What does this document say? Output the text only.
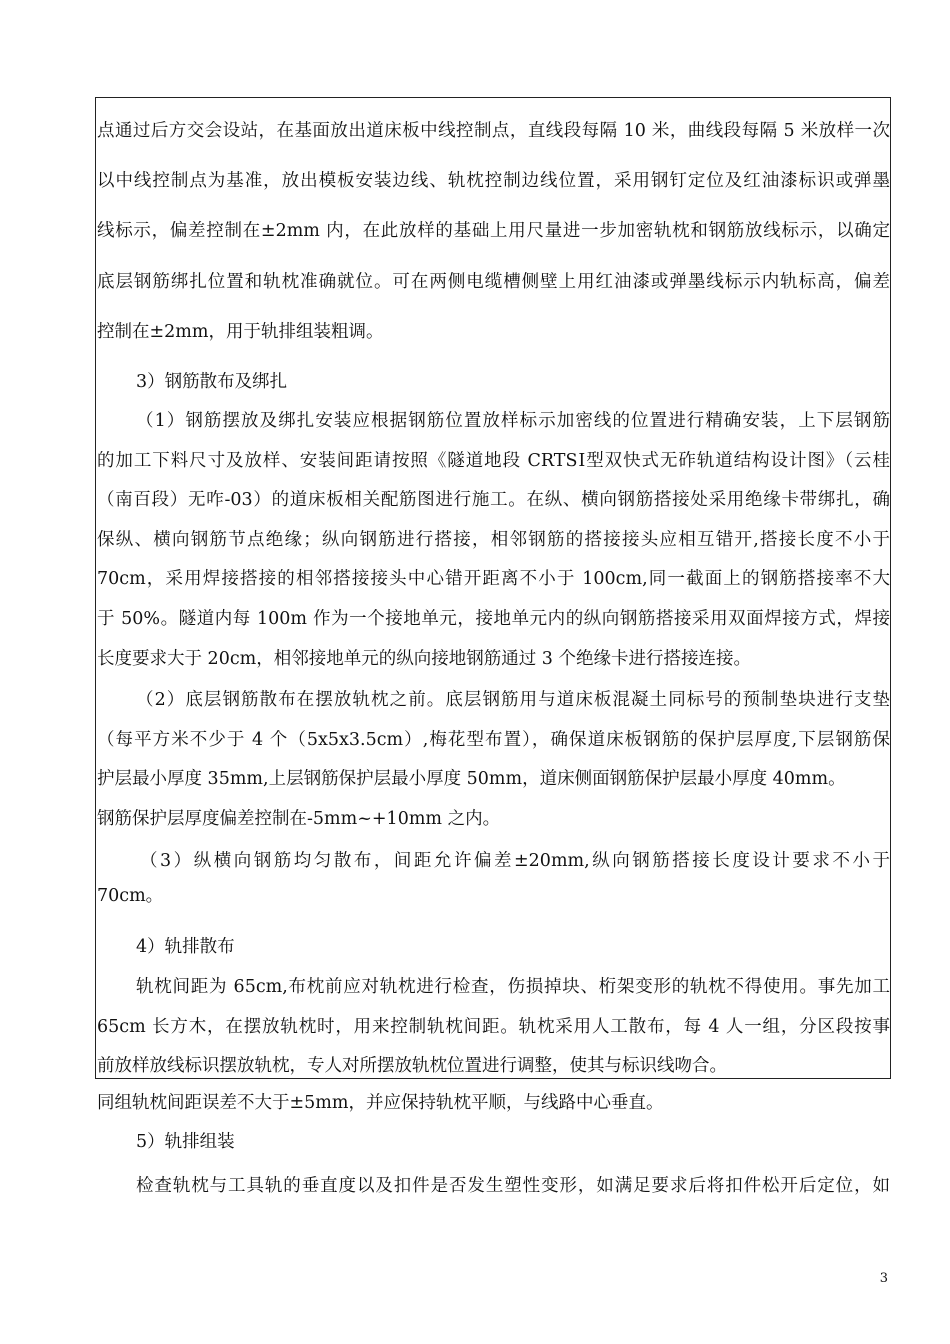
点通过后方交会设站，在基面放出道床板中线控制点，直线段每隔 10 米，曲线段每隔 5 米放样一次
以中线控制点为基准，放出模板安装边线、轨枕控制边线位置，采用钢钉定位及红油漆标识或弹墨
线标示，偏差控制在±2mm 内，在此放样的基础上用尺量进一步加密轨枕和钢筋放线标示，以确定
底层钢筋绑扎位置和轨枕准确就位。可在两侧电缆槽侧壁上用红油漆或弹墨线标示内轨标高，偏差
控制在±2mm，用于轨排组装粗调。
3）钢筋散布及绑扎
（1）钢筋摆放及绑扎安装应根据钢筋位置放样标示加密线的位置进行精确安装，上下层钢筋
的加工下料尺寸及放样、安装间距请按照《隧道地段 CRTSⅠ型双快式无砟轨道结构设计图》（云桂
（南百段）无咋-03）的道床板相关配筋图进行施工。在纵、横向钢筋搭接处采用绝缘卡带绑扎，确
保纵、横向钢筋节点绝缘；纵向钢筋进行搭接，相邻钢筋的搭接接头应相互错开,搭接长度不小于
70cm，采用焊接搭接的相邻搭接接头中心错开距离不小于 100cm,同一截面上的钢筋搭接率不大
于 50%。隧道内每 100m 作为一个接地单元，接地单元内的纵向钢筋搭接采用双面焊接方式，焊接
长度要求大于 20cm，相邻接地单元的纵向接地钢筋通过 3 个绝缘卡进行搭接连接。
（2）底层钢筋散布在摆放轨枕之前。底层钢筋用与道床板混凝土同标号的预制垫块进行支垫
（每平方米不少于 4 个（5x5x3.5cm）,梅花型布置），确保道床板钢筋的保护层厚度,下层钢筋保
护层最小厚度 35mm,上层钢筋保护层最小厚度 50mm，道床侧面钢筋保护层最小厚度 40mm。
钢筋保护层厚度偏差控制在-5mm~+10mm 之内。
（3）纵横向钢筋均匀散布，间距允许偏差±20mm,纵向钢筋搭接长度设计要求不小于
70cm。
4）轨排散布
轨枕间距为 65cm,布枕前应对轨枕进行检查，伤损掉块、桁架变形的轨枕不得使用。事先加工
65cm 长方木，在摆放轨枕时，用来控制轨枕间距。轨枕采用人工散布，每 4 人一组，分区段按事
前放样放线标识摆放轨枕，专人对所摆放轨枕位置进行调整，使其与标识线吻合。
同组轨枕间距误差不大于±5mm，并应保持轨枕平顺，与线路中心垂直。
5）轨排组装
检查轨枕与工具轨的垂直度以及扣件是否发生塑性变形，如满足要求后将扣件松开后定位，如
3
